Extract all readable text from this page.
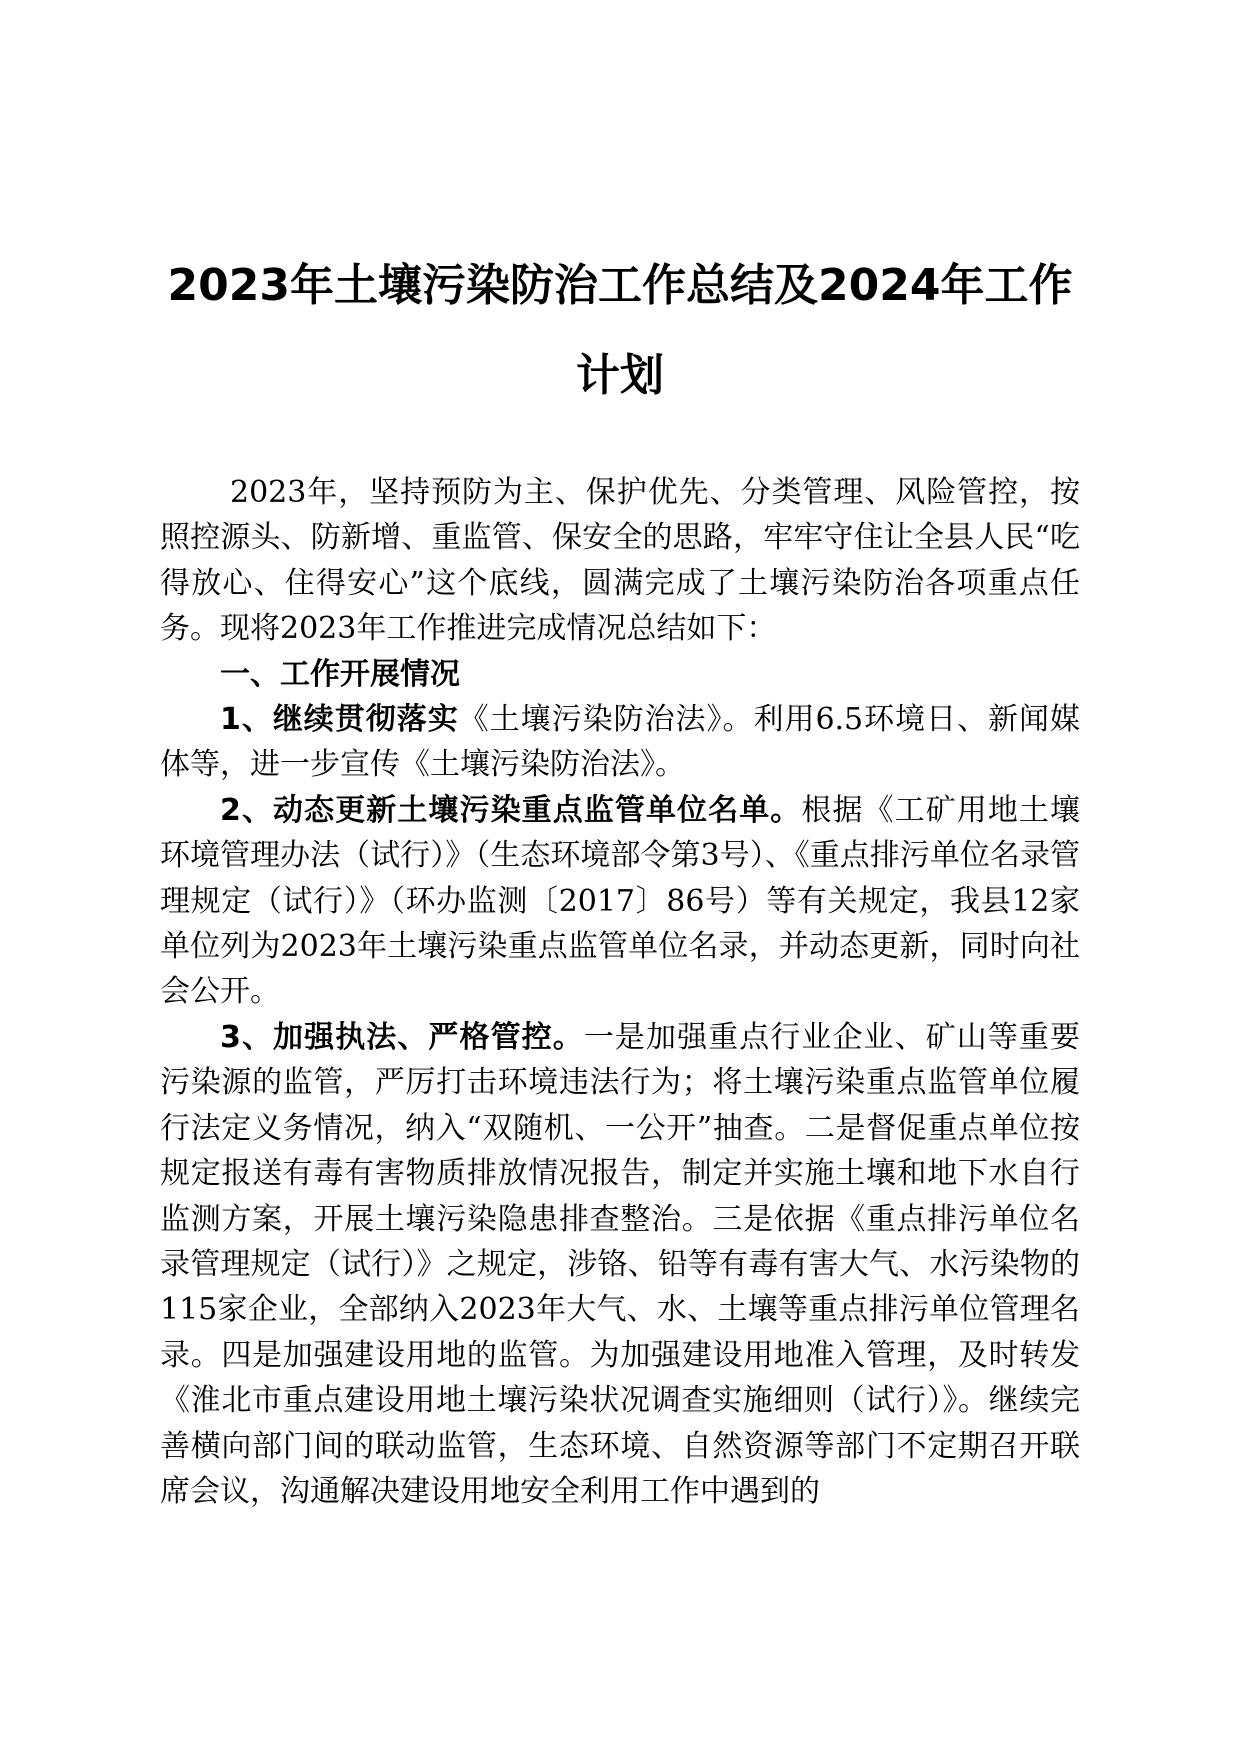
2023年土壤污染防治工作总结及2024年工作
计划

2023年，坚持预防为主、保护优先、分类管理、风险管控，按照控源头、防新增、重监管、保安全的思路，牢牢守住让全县人民“吃得放心、住得安心”这个底线，圆满完成了土壤污染防治各项重点任务。现将2023年工作推进完成情况总结如下：

一、工作开展情况

1、继续贯彻落实《土壤污染防治法》。利用6.5环境日、新闻媒体等，进一步宣传《土壤污染防治法》。

2、动态更新土壤污染重点监管单位名单。根据《工矿用地土壤环境管理办法（试行）》（生态环境部令第3号）、《重点排污单位名录管理规定（试行）》（环办监测〔2017〕86号）等有关规定，我县12家单位列为2023年土壤污染重点监管单位名录，并动态更新，同时向社会公开。

3、加强执法、严格管控。一是加强重点行业企业、矿山等重要污染源的监管，严厉打击环境违法行为；将土壤污染重点监管单位履行法定义务情况，纳入“双随机、一公开”抽查。二是督促重点单位按规定报送有毒有害物质排放情况报告，制定并实施土壤和地下水自行监测方案，开展土壤污染隐患排查整治。三是依据《重点排污单位名录管理规定（试行）》之规定，涉铬、铅等有毒有害大气、水污染物的115家企业，全部纳入2023年大气、水、土壤等重点排污单位管理名录。四是加强建设用地的监管。为加强建设用地准入管理，及时转发《淮北市重点建设用地土壤污染状况调查实施细则（试行）》。继续完善横向部门间的联动监管，生态环境、自然资源等部门不定期召开联席会议，沟通解决建设用地安全利用工作中遇到的
